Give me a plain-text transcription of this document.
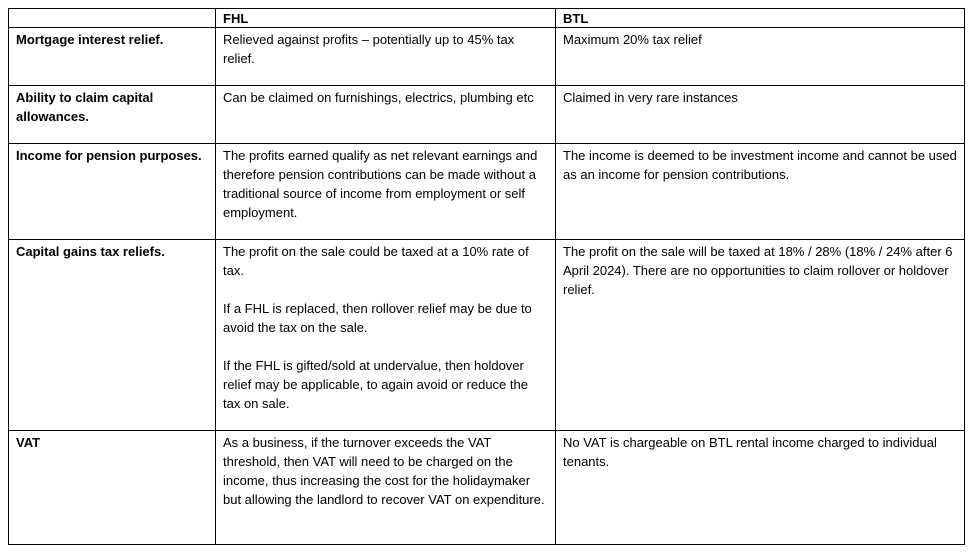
	FHL	BTL
Mortgage interest relief.	Relieved against profits – potentially up to 45% tax relief.	Maximum 20% tax relief

Ability to claim capital allowances.	Can be claimed on furnishings, electrics, plumbing etc	Claimed in very rare instances

Income for pension purposes.	The profits earned qualify as net relevant earnings and therefore pension contributions can be made without a traditional source of income from employment or self employment.	The income is deemed to be investment income and cannot be used as an income for pension contributions.

Capital gains tax reliefs.	The profit on the sale could be taxed at a 10% rate of tax.
If a FHL is replaced, then rollover relief may be due to avoid the tax on the sale.
If the FHL is gifted/sold at undervalue, then holdover relief may be applicable, to again avoid or reduce the tax on sale.	The profit on the sale will be taxed at 18% / 28% (18% / 24% after 6 April 2024). There are no opportunities to claim rollover or holdover relief.

VAT	As a business, if the turnover exceeds the VAT threshold, then VAT will need to be charged on the income, thus increasing the cost for the holidaymaker but allowing the landlord to recover VAT on expenditure.	No VAT is chargeable on BTL rental income charged to individual tenants.
